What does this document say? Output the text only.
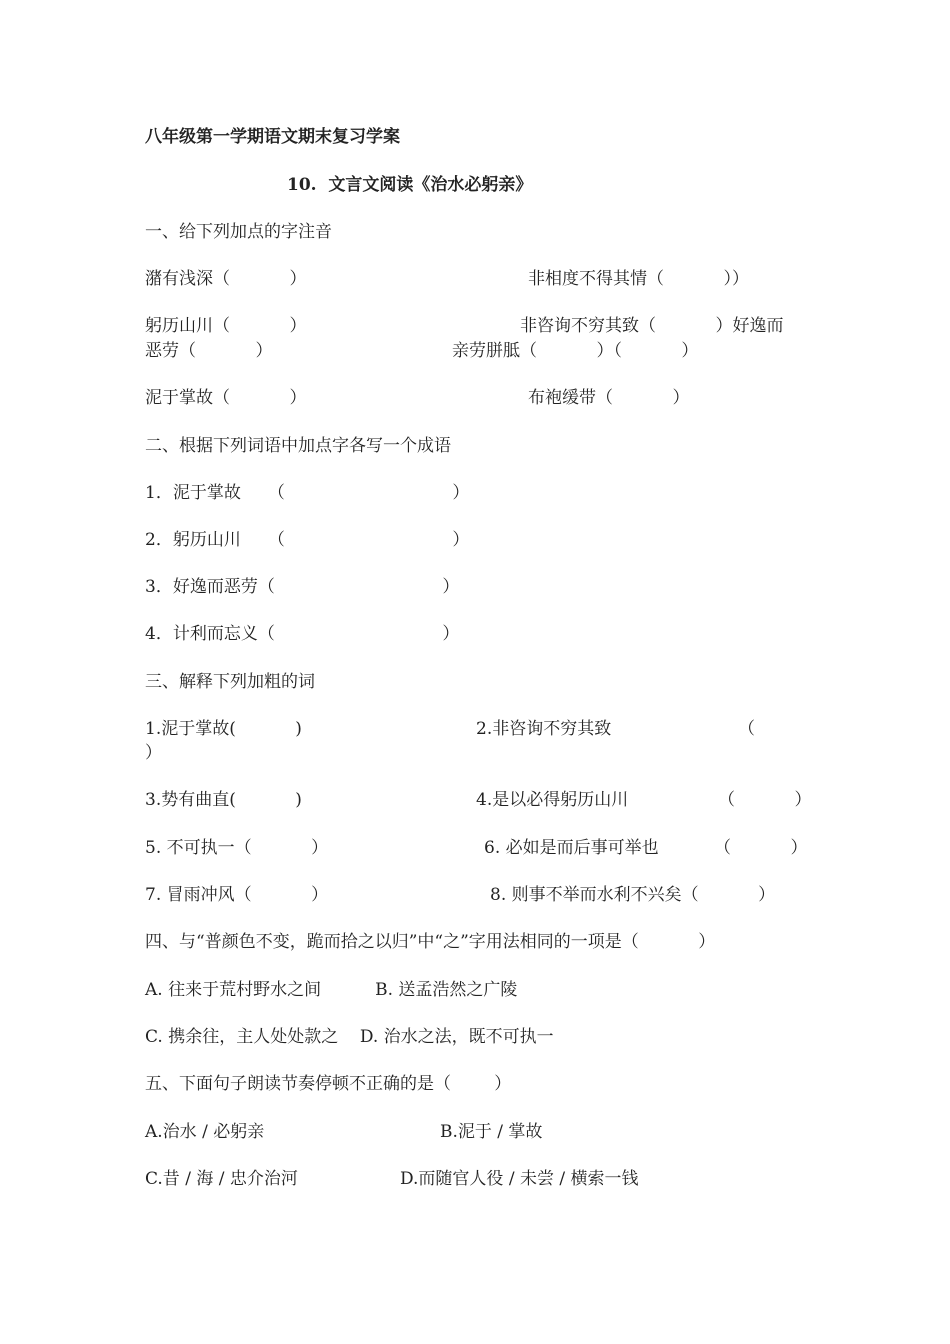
八年级第一学期语文期末复习学案
10.  文言文阅读《治水必躬亲》
一、给下列加点的字注音
潴有浅深（           ）	非相度不得其情（           ））
躬历山川（           ）	非咨询不穷其致（           ）好逸而
恶劳（           ）	亲劳胼胝（           ）（           ）
泥于掌故（           ）	布袍缓带（           ）
二、根据下列词语中加点字各写一个成语
1．泥于掌故     （                               ）
2．躬历山川     （                               ）
3．好逸而恶劳（                               ）
4．计利而忘义（                               ）
三、解释下列加粗的词
1.泥于掌故(           )	2.非咨询不穷其致	（
）
3.势有曲直(           )	4.是以必得躬历山川	（           ）
5. 不可执一（           ）	6. 必如是而后事可举也	（           ）
7. 冒雨冲风（           ）	8. 则事不举而水利不兴矣（           ）
四、与“普颜色不变，跪而拾之以归”中“之”字用法相同的一项是（           ）
A. 往来于荒村野水之间          B. 送孟浩然之广陵
C. 携余往，主人处处款之    D. 治水之法，既不可执一
五、下面句子朗读节奏停顿不正确的是（        ）
A.治水 / 必躬亲	B.泥于 / 掌故
C.昔 / 海 / 忠介治河	D.而随官人役 / 未尝 / 横索一钱
